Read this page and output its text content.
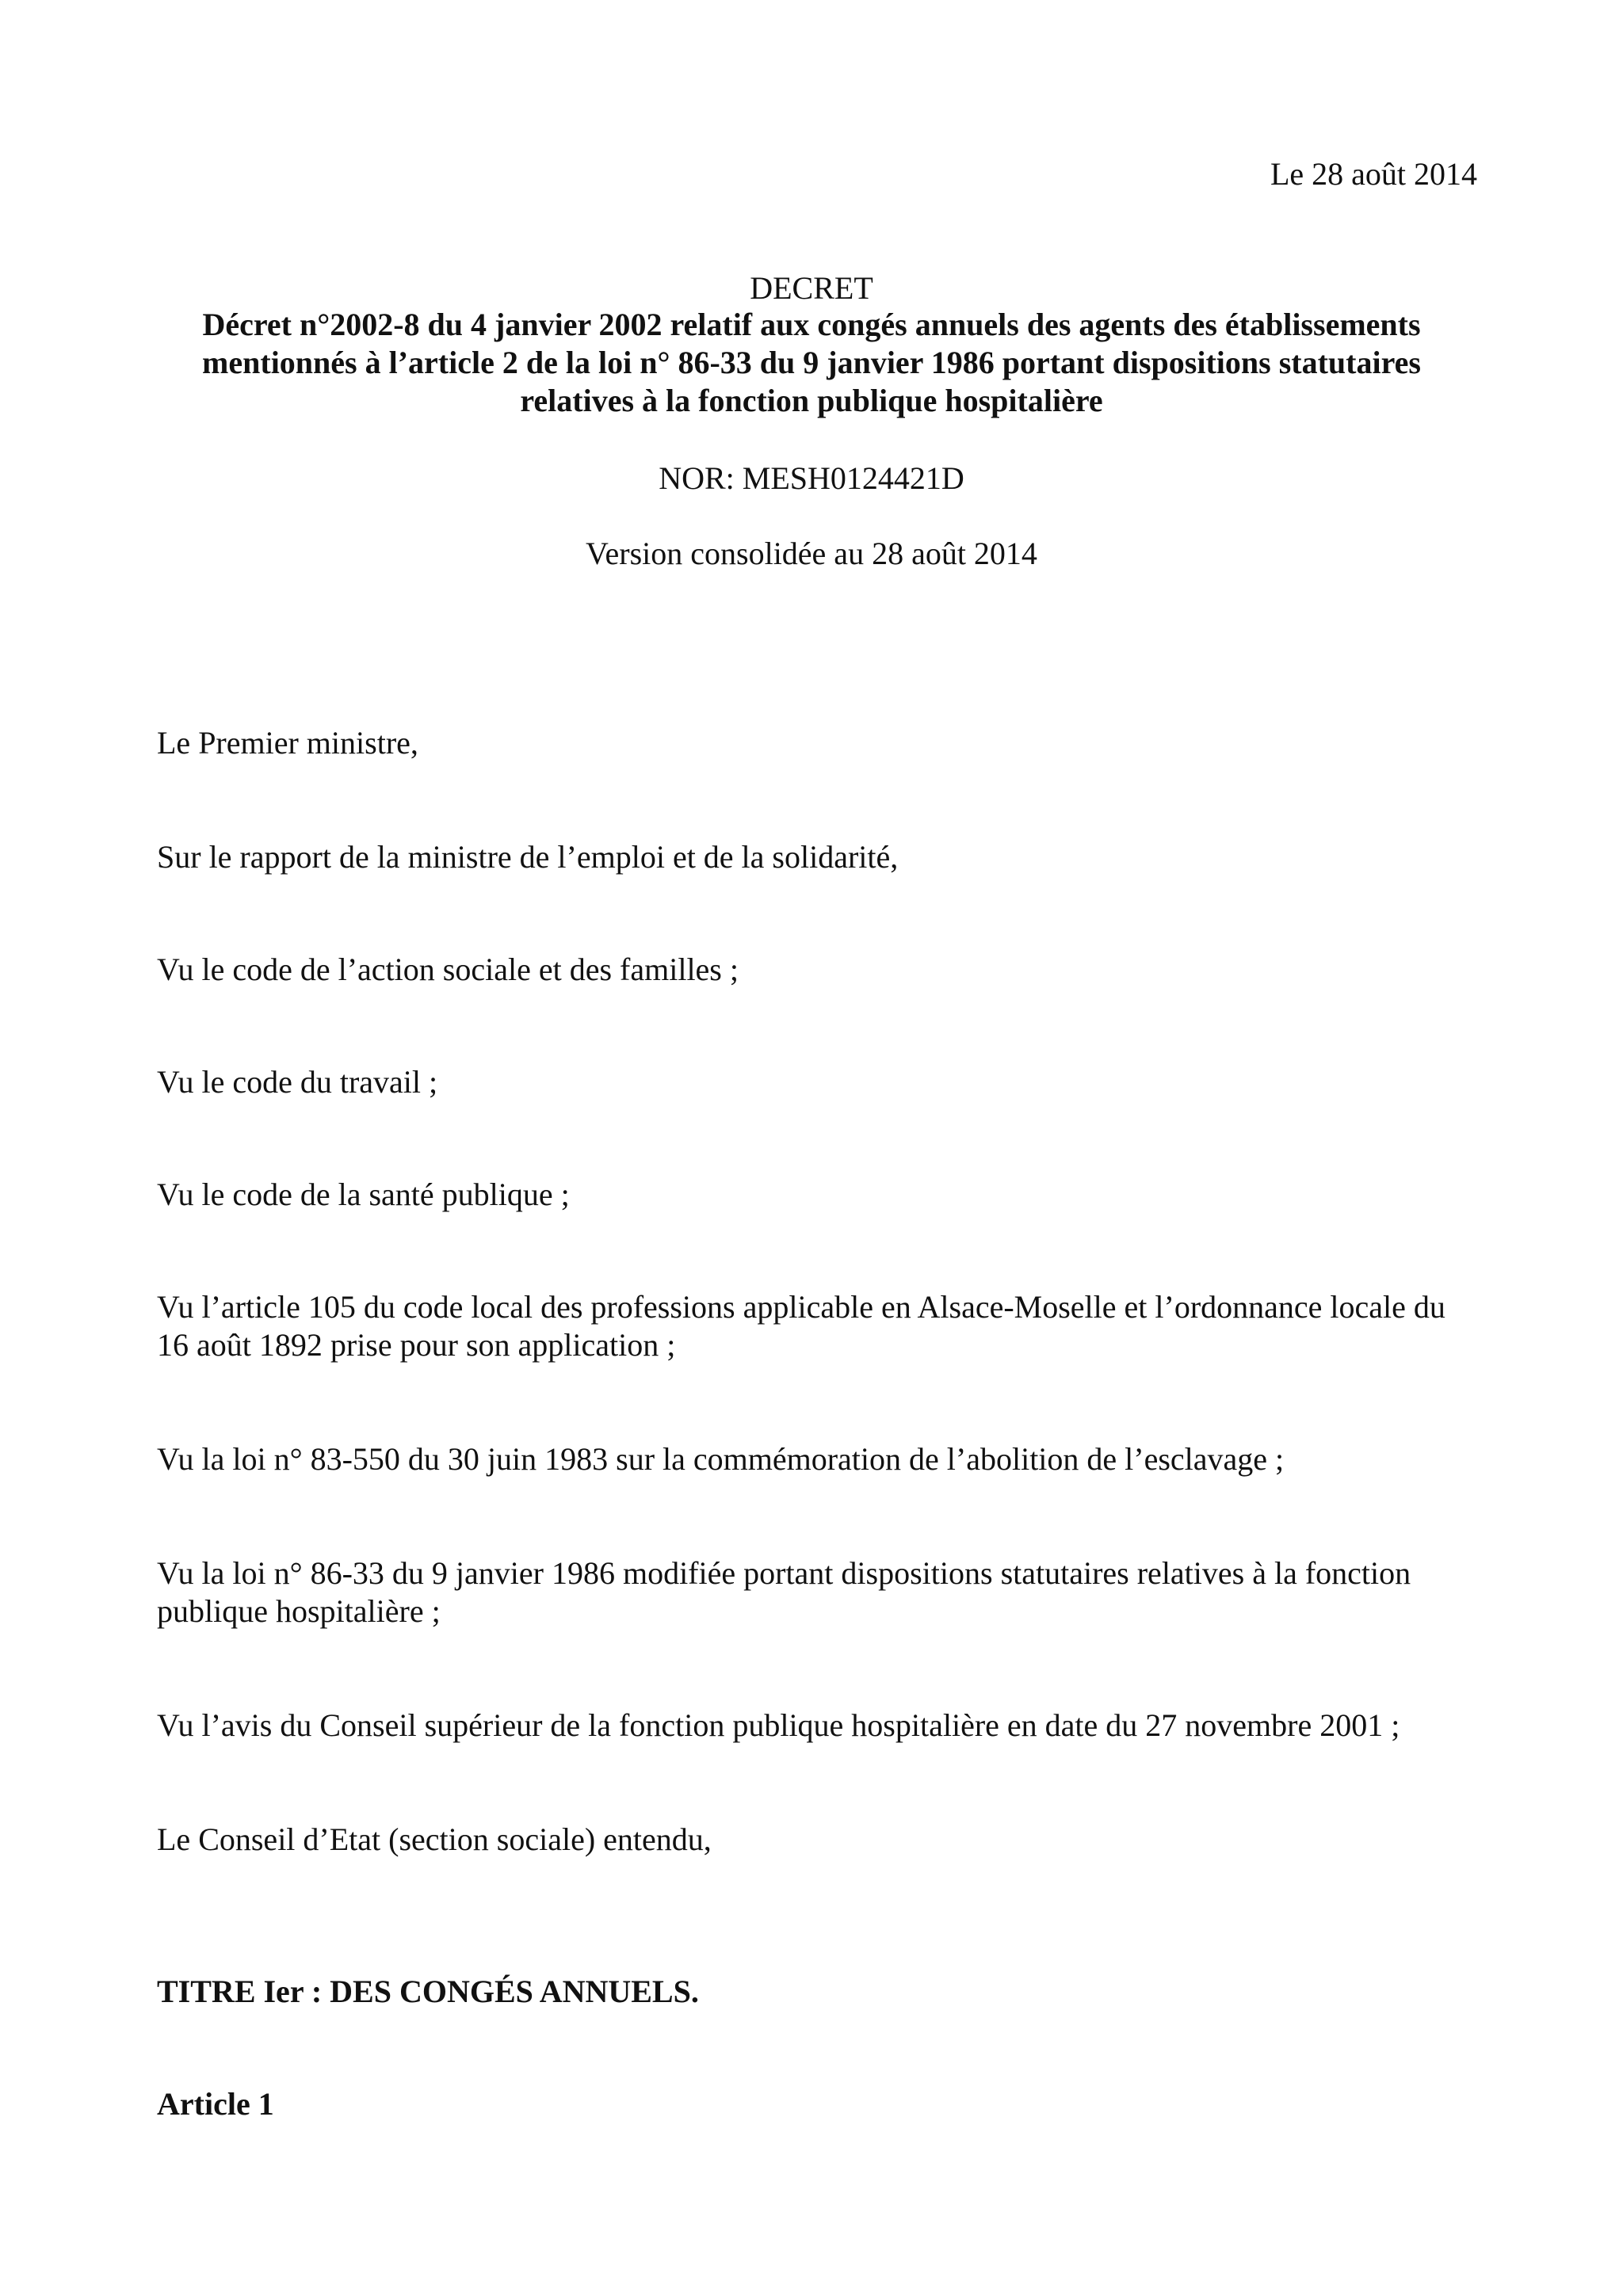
Le 28 août 2014
DECRET
Décret n°2002-8 du 4 janvier 2002 relatif aux congés annuels des agents des établissements mentionnés à l’article 2 de la loi n° 86-33 du 9 janvier 1986 portant dispositions statutaires relatives à la fonction publique hospitalière
NOR: MESH0124421D
Version consolidée au 28 août 2014
Le Premier ministre,
Sur le rapport de la ministre de l’emploi et de la solidarité,
Vu le code de l’action sociale et des familles ;
Vu le code du travail ;
Vu le code de la santé publique ;
Vu l’article 105 du code local des professions applicable en Alsace-Moselle et l’ordonnance locale du 16 août 1892 prise pour son application ;
Vu la loi n° 83-550 du 30 juin 1983 sur la commémoration de l’abolition de l’esclavage ;
Vu la loi n° 86-33 du 9 janvier 1986 modifiée portant dispositions statutaires relatives à la fonction publique hospitalière ;
Vu l’avis du Conseil supérieur de la fonction publique hospitalière en date du 27 novembre 2001 ;
Le Conseil d’Etat (section sociale) entendu,
TITRE Ier : DES CONGÉS ANNUELS.
Article 1
